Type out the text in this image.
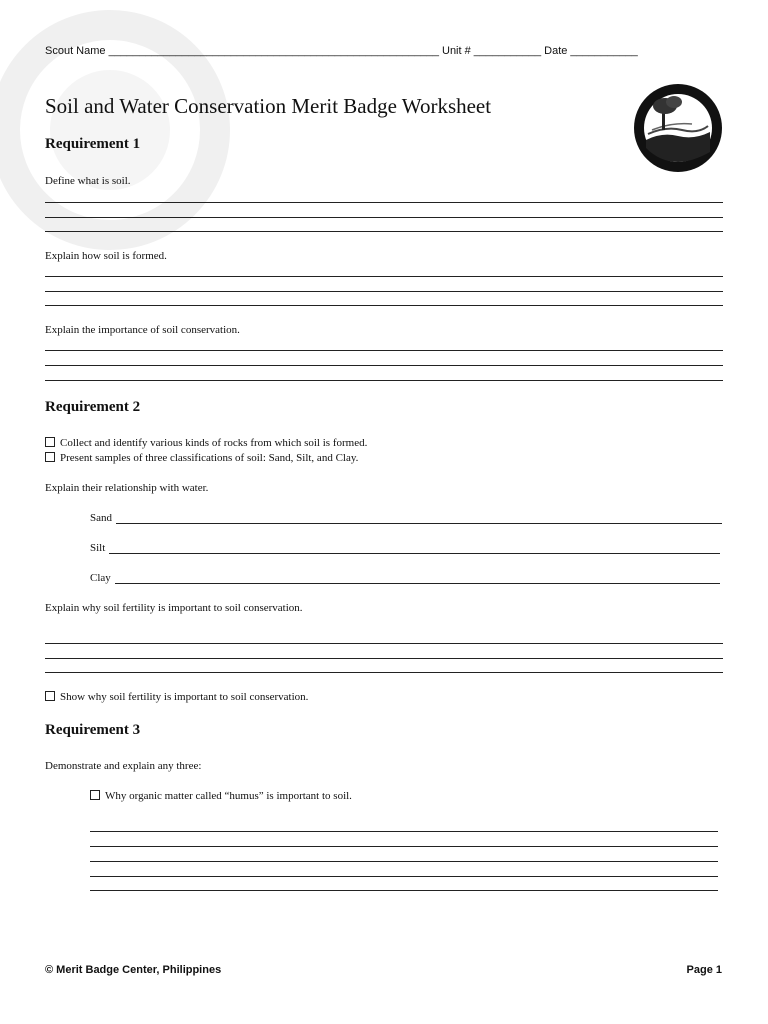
Scout Name ______________________________________________________ Unit # ___________ Date ___________
Soil and Water Conservation Merit Badge Worksheet
Requirement 1
Define what is soil.
Explain how soil is formed.
Explain the importance of soil conservation.
Requirement 2
Collect and identify various kinds of rocks from which soil is formed.
Present samples of three classifications of soil: Sand, Silt, and Clay.
Explain their relationship with water.
Sand
Silt
Clay
Explain why soil fertility is important to soil conservation.
Show why soil fertility is important to soil conservation.
Requirement 3
Demonstrate and explain any three:
Why organic matter called “humus” is important to soil.
© Merit Badge Center, Philippines	Page 1
